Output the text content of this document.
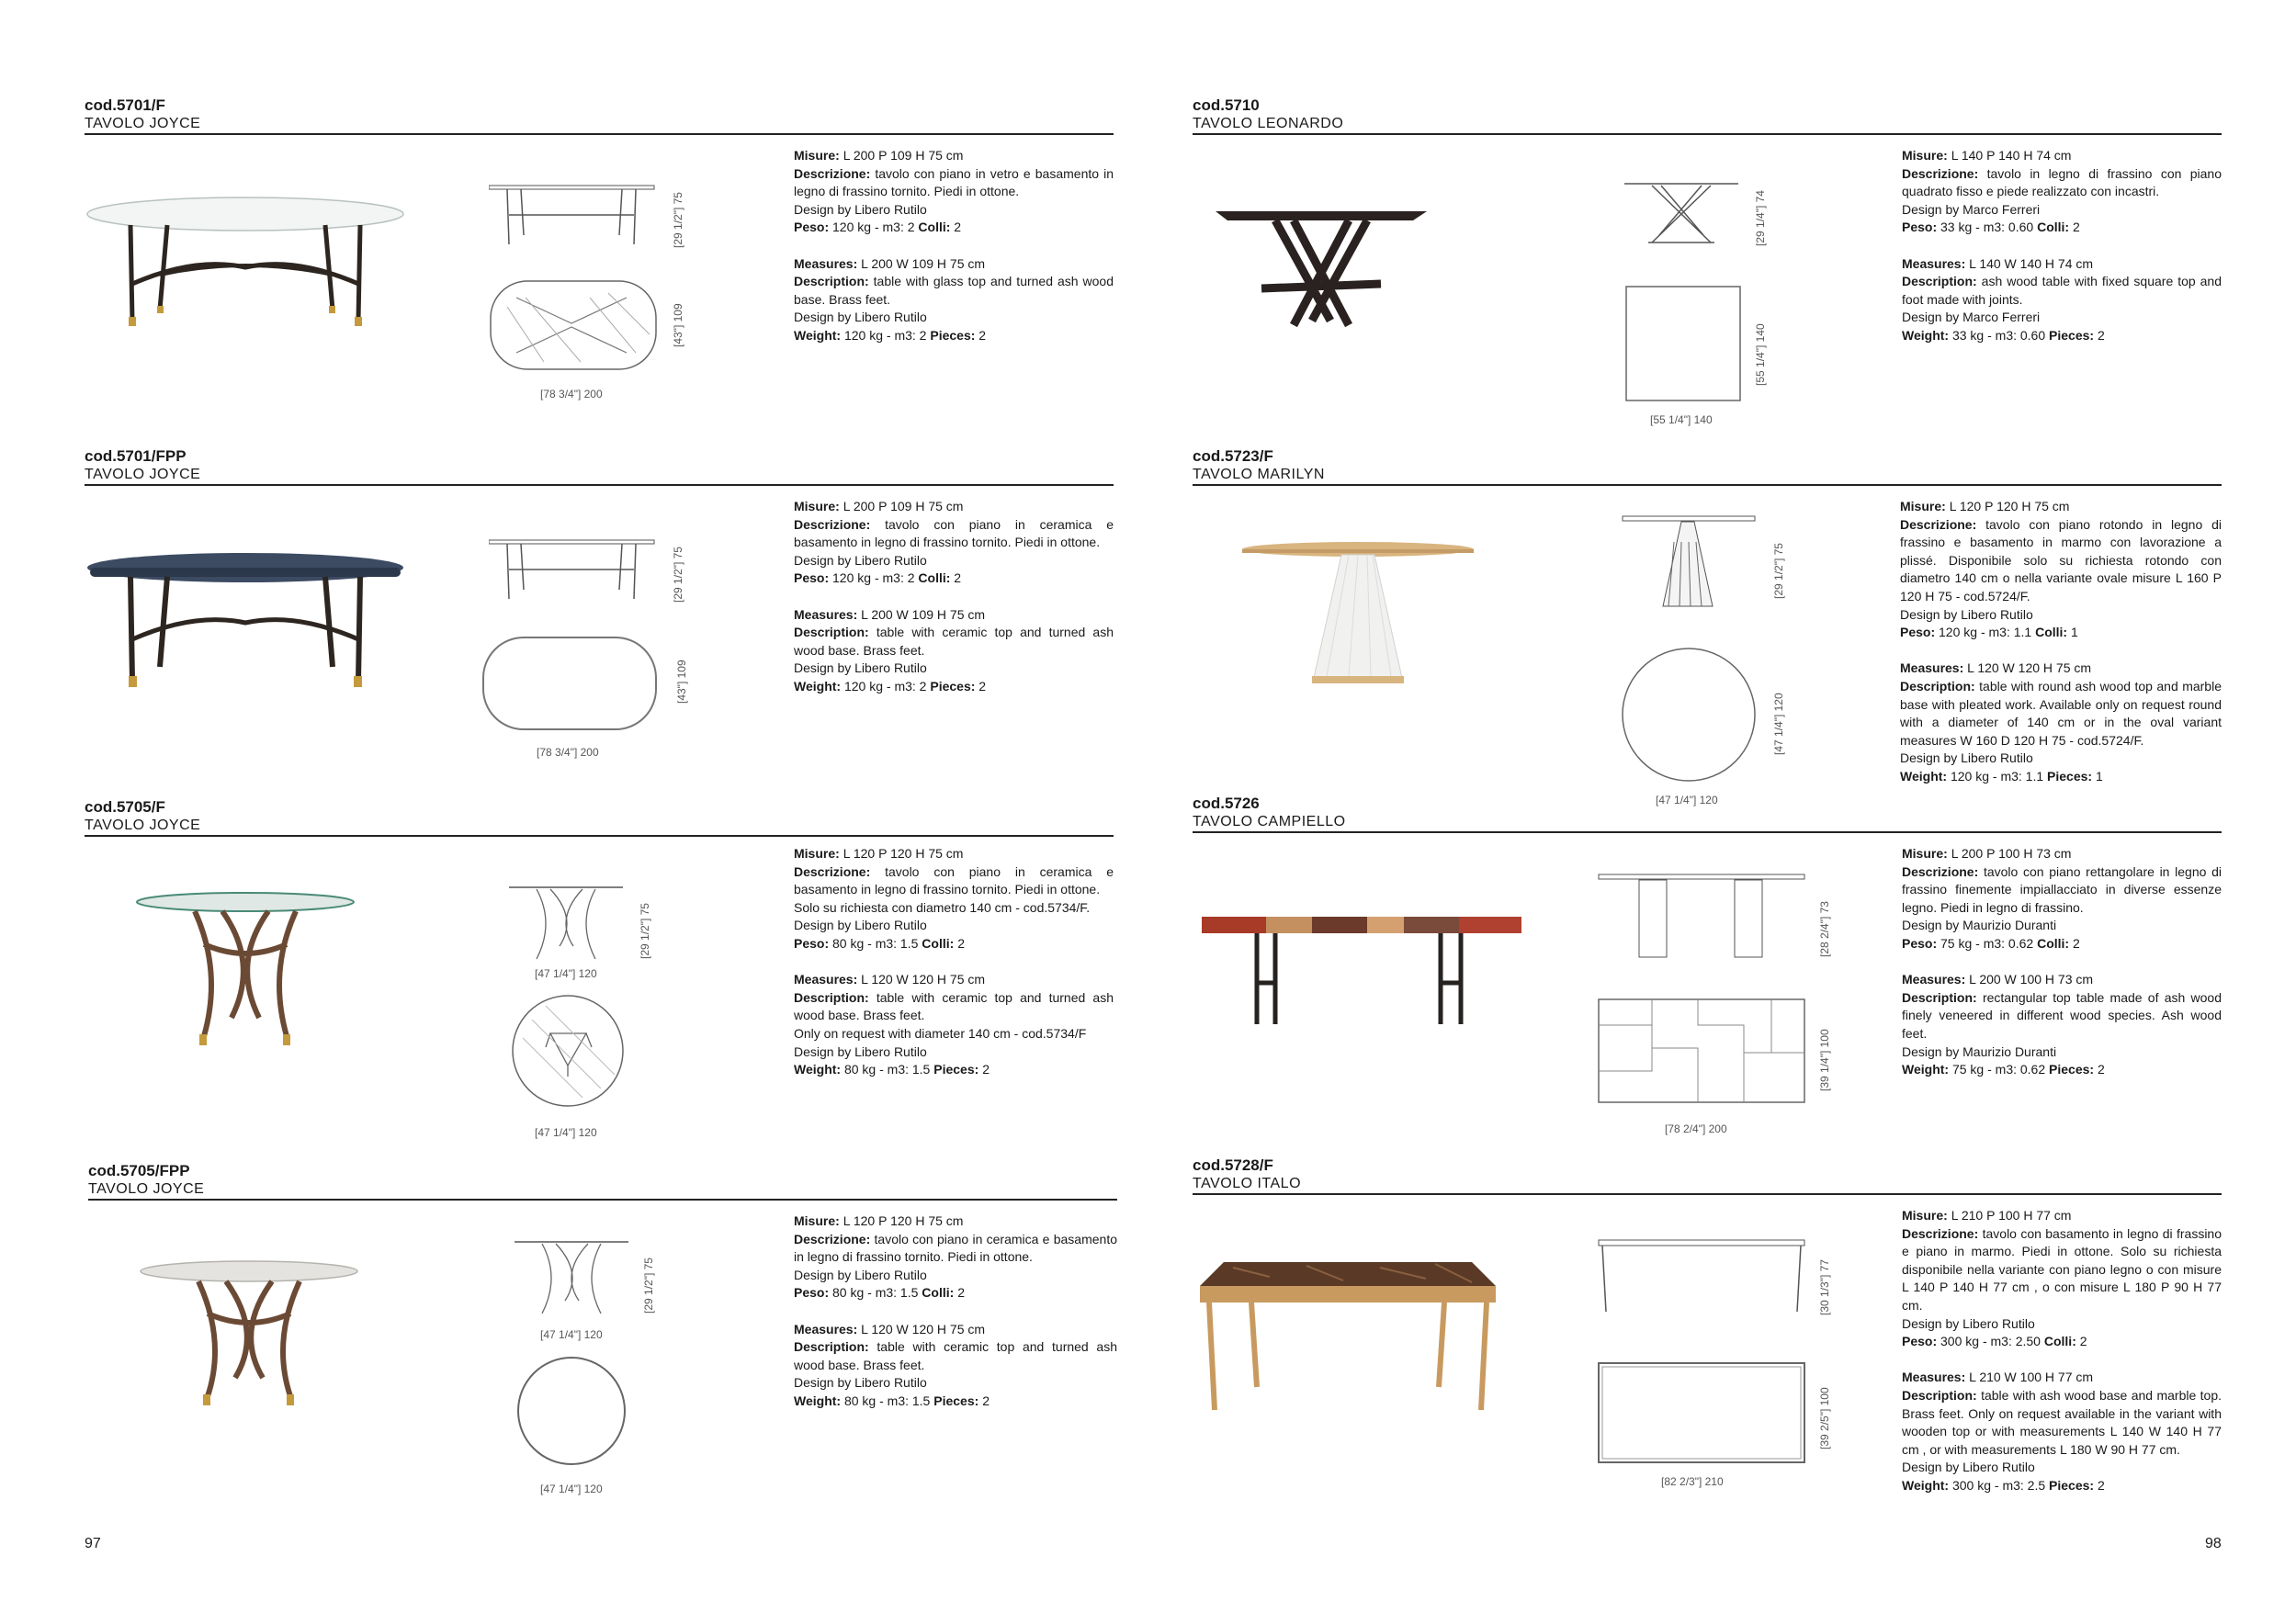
cod.5701/F
TAVOLO JOYCE
[29 1/2"] 75
[43"] 109
[78 3/4"] 200

Misure: L 200 P 109 H 75 cm

Descrizione: tavolo con piano in vetro e basamento in legno di frassino tornito. Piedi in ottone.

Design by Libero Rutilo

Peso: 120 kg - m3: 2 Colli: 2

Measures: L 200 W 109 H 75 cm

Description: table with glass top and turned ash wood base. Brass feet.

Design by Libero Rutilo

Weight: 120 kg - m3: 2 Pieces: 2

cod.5701/FPP
TAVOLO JOYCE
[29 1/2"] 75
[43"] 109
[78 3/4"] 200

Misure: L 200 P 109 H 75 cm

Descrizione: tavolo con piano in ceramica e basamento in legno di frassino tornito. Piedi in ottone.

Design by Libero Rutilo

Peso: 120 kg - m3: 2 Colli: 2

Measures: L 200 W 109 H 75 cm

Description: table with ceramic top and turned ash wood base. Brass feet.

Design by Libero Rutilo

Weight: 120 kg - m3: 2 Pieces: 2

cod.5705/F
TAVOLO JOYCE
[29 1/2"] 75
[47 1/4"] 120
[47 1/4"] 120

Misure: L 120 P 120 H 75 cm

Descrizione: tavolo con piano in ceramica e basamento in legno di frassino tornito. Piedi in ottone.

Solo su richiesta con diametro 140 cm - cod.5734/F.

Design by Libero Rutilo

Peso: 80 kg - m3: 1.5 Colli: 2

Measures: L 120 W 120 H 75 cm

Description: table with ceramic top and turned ash wood base. Brass feet.

Only on request with diameter 140 cm - cod.5734/F

Design by Libero Rutilo

Weight: 80 kg - m3: 1.5 Pieces: 2

cod.5705/FPP
TAVOLO JOYCE
[29 1/2"] 75
[47 1/4"] 120
[47 1/4"] 120

Misure: L 120 P 120 H 75 cm

Descrizione: tavolo con piano in ceramica e basamento in legno di frassino tornito. Piedi in ottone.

Design by Libero Rutilo

Peso: 80 kg - m3: 1.5 Colli: 2

Measures: L 120 W 120 H 75 cm

Description: table with ceramic top and turned ash wood base. Brass feet.

Design by Libero Rutilo

Weight: 80 kg - m3: 1.5 Pieces: 2

97
cod.5710
TAVOLO LEONARDO
[29 1/4"] 74
[55 1/4"] 140
[55 1/4"] 140

Misure: L 140 P 140 H 74 cm

Descrizione: tavolo in legno di frassino con piano quadrato fisso e piede realizzato con incastri.

Design by Marco Ferreri

Peso: 33 kg - m3: 0.60 Colli: 2

Measures: L 140 W 140 H 74 cm

Description: ash wood table with fixed square top and foot made with joints.

Design by Marco Ferreri

Weight: 33 kg - m3: 0.60 Pieces: 2

cod.5723/F
TAVOLO MARILYN
[29 1/2"] 75
[47 1/4"] 120
[47 1/4"] 120

Misure: L 120 P 120 H 75 cm

Descrizione: tavolo con piano rotondo in legno di frassino e basamento in marmo con lavorazione a plissé. Disponibile solo su richiesta rotondo con diametro 140 cm o nella variante ovale misure L 160 P 120 H 75 - cod.5724/F.

Design by Libero Rutilo

Peso: 120 kg - m3: 1.1 Colli: 1

Measures: L 120 W 120 H 75 cm

Description: table with round ash wood top and marble base with pleated work. Available only on request round with a diameter of 140 cm or in the oval variant measures W 160 D 120 H 75 - cod.5724/F.

Design by Libero Rutilo

Weight: 120 kg - m3: 1.1 Pieces: 1

cod.5726
TAVOLO CAMPIELLO
[28 2/4"] 73
[39 1/4"] 100
[78 2/4"] 200

Misure: L 200 P 100 H 73 cm

Descrizione: tavolo con piano rettangolare in legno di frassino finemente impiallacciato in diverse essenze legno. Piedi in legno di frassino.

Design by Maurizio Duranti

Peso: 75 kg - m3: 0.62 Colli: 2

Measures: L 200 W 100 H 73 cm

Description: rectangular top table made of ash wood finely veneered in different wood species. Ash wood feet.

Design by Maurizio Duranti

Weight: 75 kg - m3: 0.62 Pieces: 2

cod.5728/F
TAVOLO ITALO
[30 1/3"] 77
[39 2/5"] 100
[82 2/3"] 210

Misure: L 210 P 100 H 77 cm

Descrizione: tavolo con basamento in legno di frassino e piano in marmo. Piedi in ottone. Solo su richiesta disponibile nella variante con piano legno o con misure L 140 P 140 H 77 cm , o con misure L 180 P 90 H 77 cm.

Design by Libero Rutilo

Peso: 300 kg - m3: 2.50 Colli: 2

Measures: L 210 W 100 H 77 cm

Description: table with ash wood base and marble top. Brass feet. Only on request available in the variant with wooden top or with measurements L 140 W 140 H 77 cm , or with measurements L 180 W 90 H 77 cm.

Design by Libero Rutilo

Weight: 300 kg - m3: 2.5 Pieces: 2

98
